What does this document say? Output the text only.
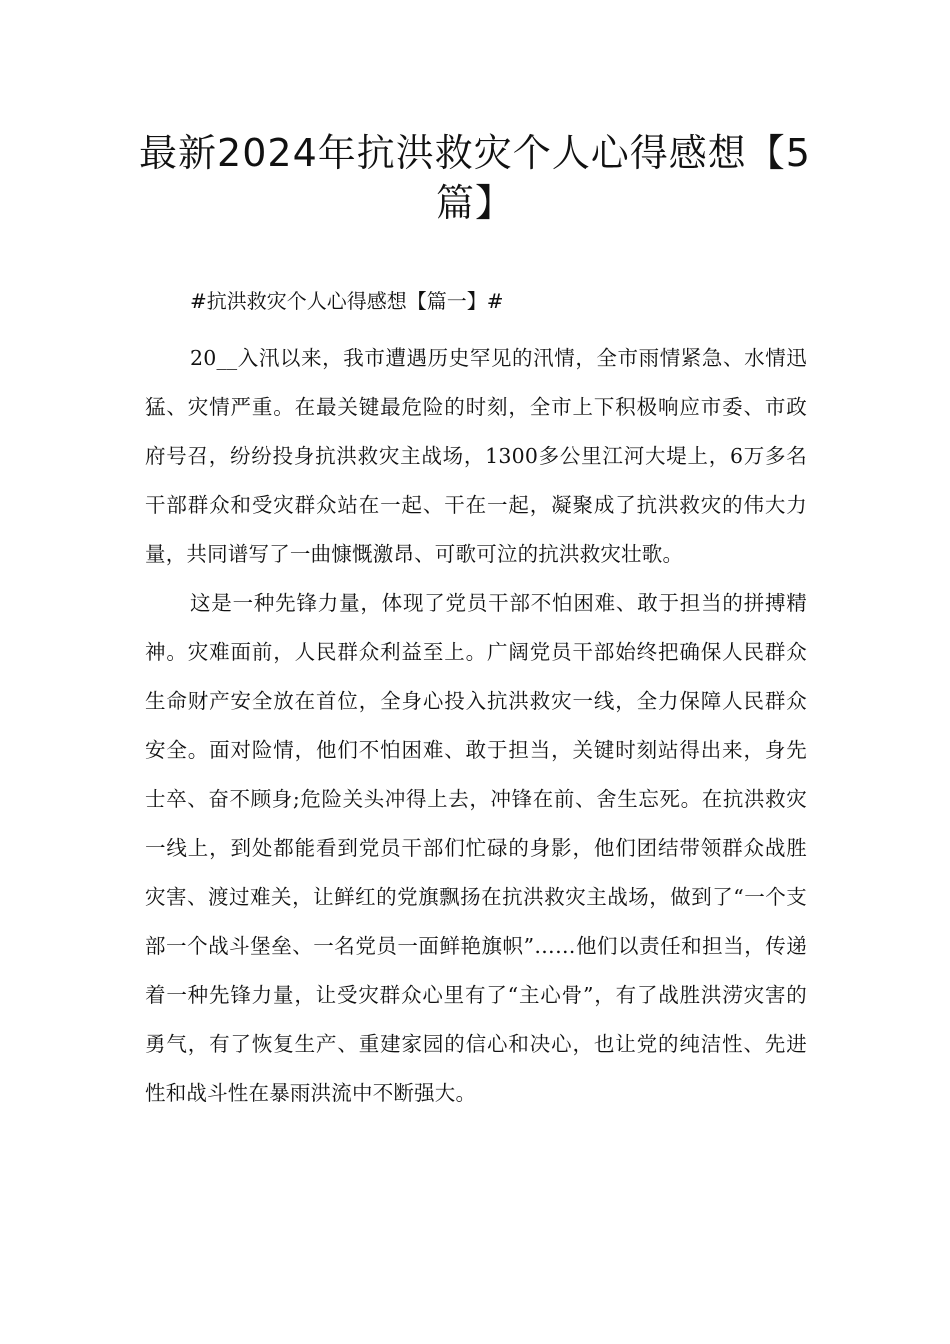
最新2024年抗洪救灾个人心得感想【5篇】

#抗洪救灾个人心得感想【篇一】#

20__入汛以来，我市遭遇历史罕见的汛情，全市雨情紧急、水情迅猛、灾情严重。在最关键最危险的时刻，全市上下积极响应市委、市政府号召，纷纷投身抗洪救灾主战场，1300多公里江河大堤上，6万多名干部群众和受灾群众站在一起、干在一起，凝聚成了抗洪救灾的伟大力量，共同谱写了一曲慷慨激昂、可歌可泣的抗洪救灾壮歌。

这是一种先锋力量，体现了党员干部不怕困难、敢于担当的拼搏精神。灾难面前，人民群众利益至上。广阔党员干部始终把确保人民群众生命财产安全放在首位，全身心投入抗洪救灾一线，全力保障人民群众安全。面对险情，他们不怕困难、敢于担当，关键时刻站得出来，身先士卒、奋不顾身;危险关头冲得上去，冲锋在前、舍生忘死。在抗洪救灾一线上，到处都能看到党员干部们忙碌的身影，他们团结带领群众战胜灾害、渡过难关，让鲜红的党旗飘扬在抗洪救灾主战场，做到了“一个支部一个战斗堡垒、一名党员一面鲜艳旗帜”……他们以责任和担当，传递着一种先锋力量，让受灾群众心里有了“主心骨”，有了战胜洪涝灾害的勇气，有了恢复生产、重建家园的信心和决心，也让党的纯洁性、先进性和战斗性在暴雨洪流中不断强大。
